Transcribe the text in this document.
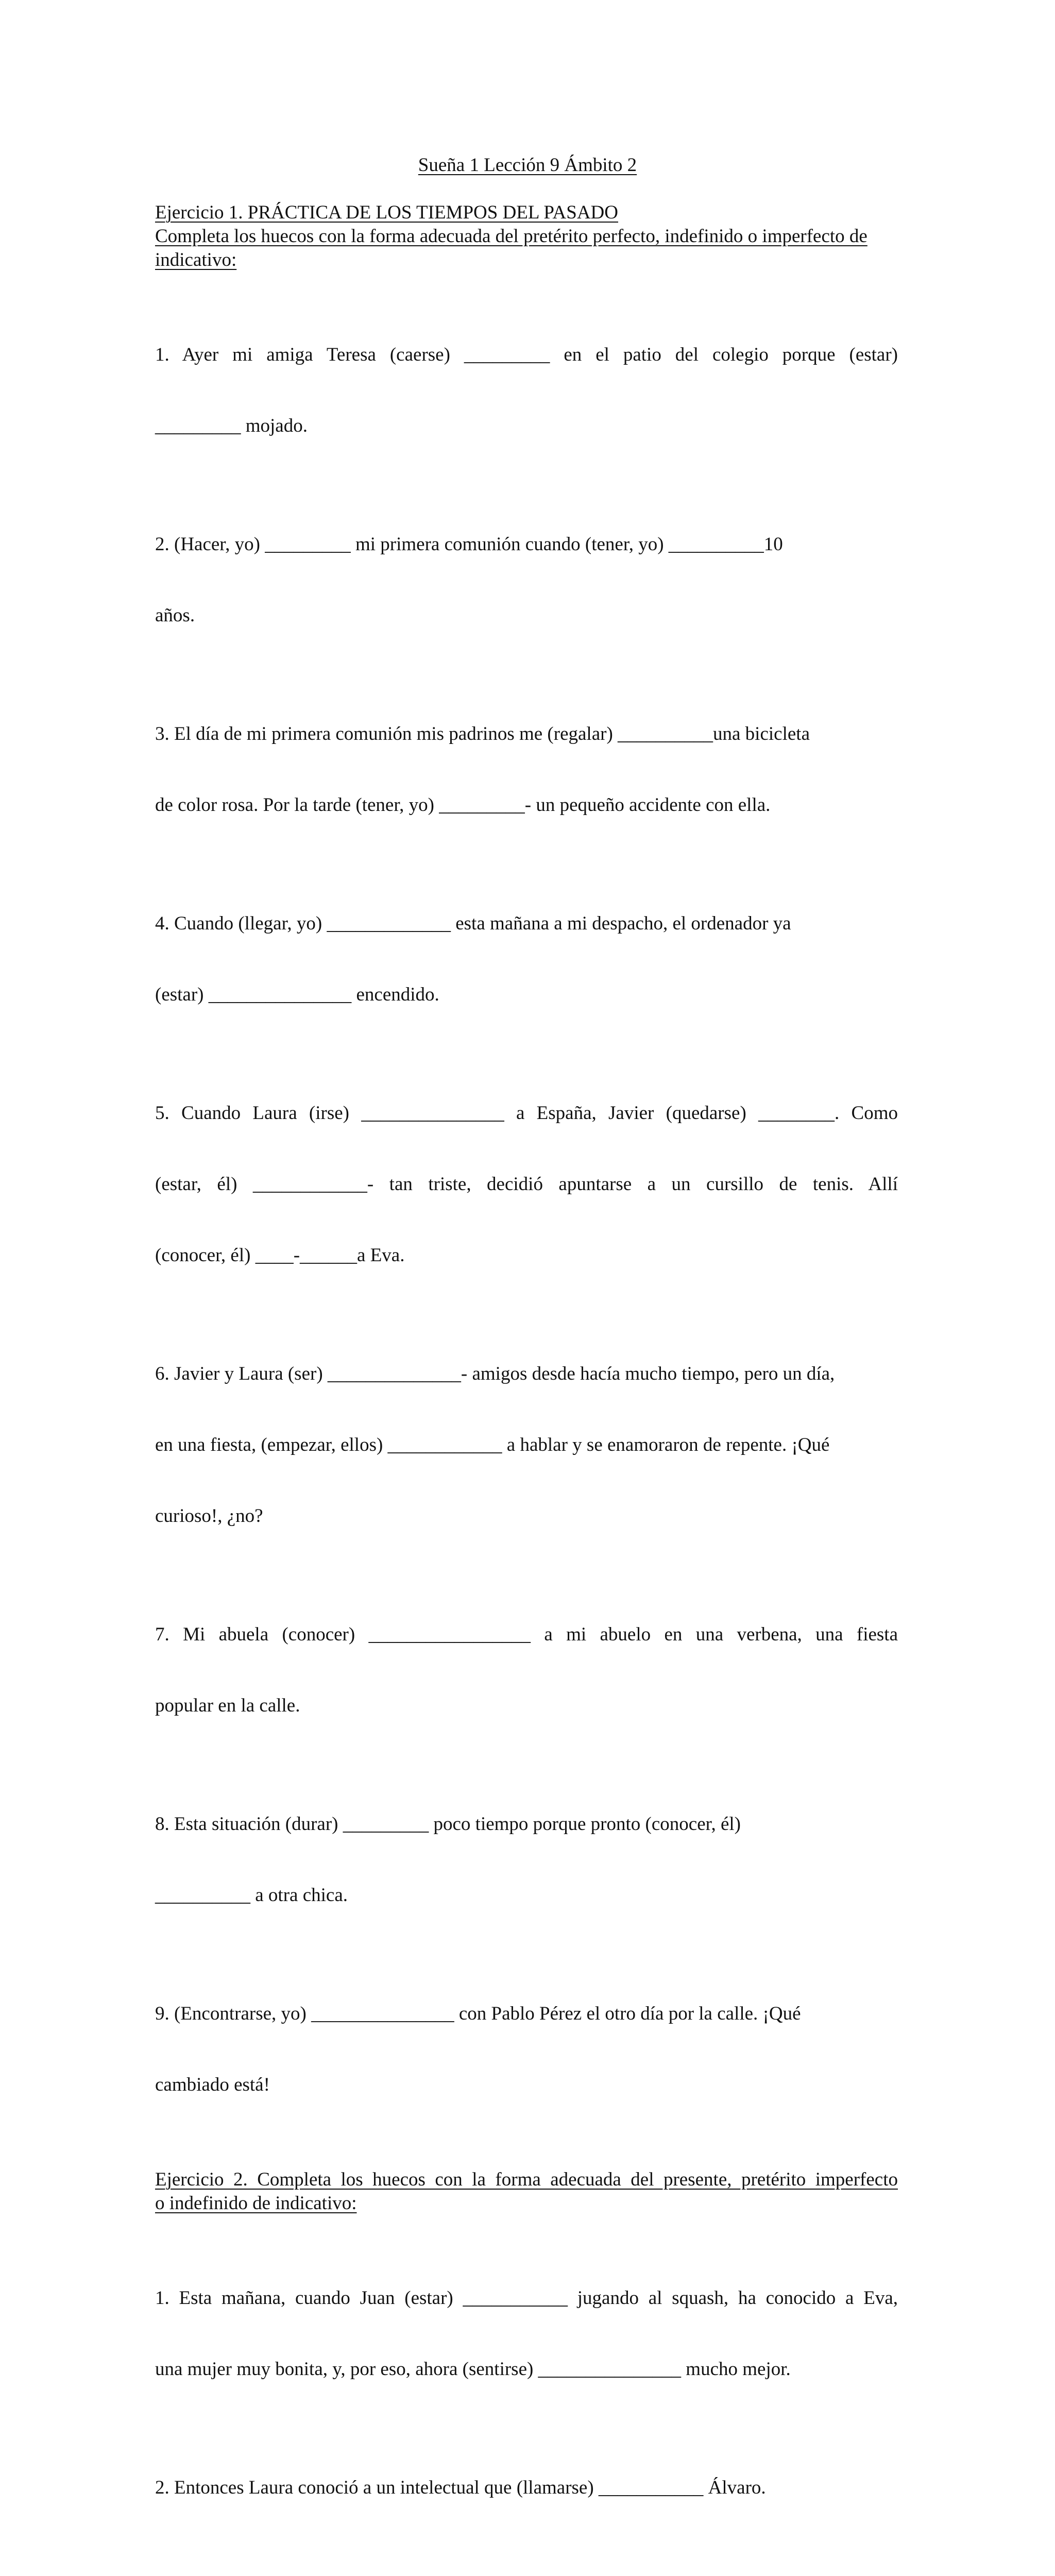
Sueña 1 Lección 9 Ámbito 2

Ejercicio 1. PRÁCTICA DE LOS TIEMPOS DEL PASADO

Completa los huecos con la forma adecuada del pretérito perfecto, indefinido o imperfecto de indicativo:

1. Ayer mi amiga Teresa (caerse) _________ en el patio del colegio porque (estar)

_________ mojado.

2. (Hacer, yo) _________ mi primera comunión cuando (tener, yo) __________10

años.

3. El día de mi primera comunión mis padrinos me (regalar) __________una bicicleta

de color rosa. Por la tarde (tener, yo) _________- un pequeño accidente con ella.

4. Cuando (llegar, yo) _____________ esta mañana a mi despacho, el ordenador ya

(estar) _______________ encendido.

5. Cuando Laura (irse) _______________ a España, Javier (quedarse) ________. Como

(estar, él) ____________- tan triste, decidió apuntarse a un cursillo de tenis. Allí

(conocer, él) ____-______a Eva.

6. Javier y Laura (ser) ______________- amigos desde hacía mucho tiempo, pero un día,

en una fiesta, (empezar, ellos) ____________ a hablar y se enamoraron de repente. ¡Qué

curioso!, ¿no?

7. Mi abuela (conocer) _________________ a mi abuelo en una verbena, una fiesta

popular en la calle.

8. Esta situación (durar) _________ poco tiempo porque pronto (conocer, él)

__________ a otra chica.

9. (Encontrarse, yo) _______________ con Pablo Pérez el otro día por la calle. ¡Qué

cambiado está!

Ejercicio 2. Completa los huecos con la forma adecuada del presente, pretérito imperfecto
o indefinido de indicativo:

1. Esta mañana, cuando Juan (estar) ___________ jugando al squash, ha conocido a Eva,

una mujer muy bonita, y, por eso, ahora (sentirse) _______________ mucho mejor.

2. Entonces Laura conoció a un intelectual que (llamarse) ___________ Álvaro.
